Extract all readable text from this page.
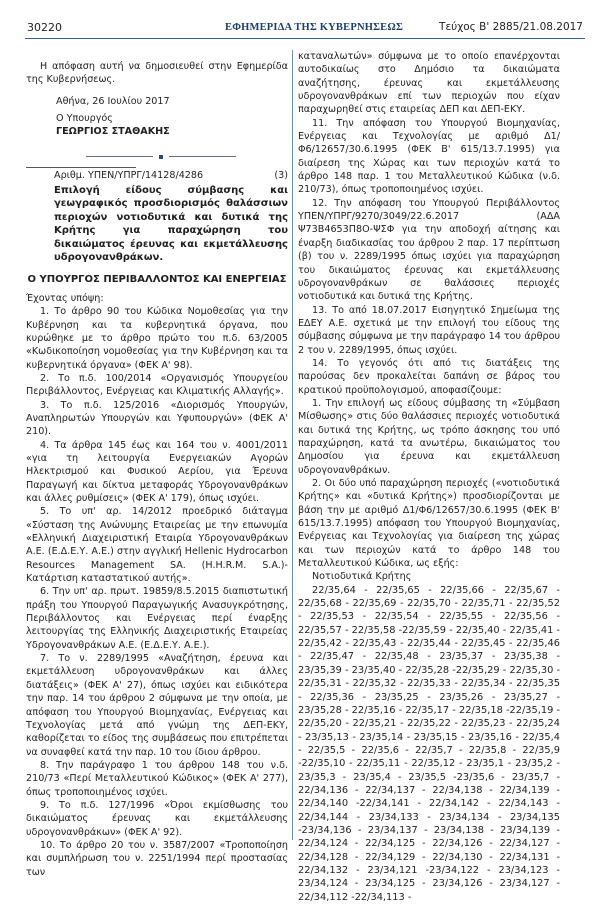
30220	ΕΦΗΜΕΡΙΔΑ ΤΗΣ ΚΥΒΕΡΝΗΣΕΩΣ	Τεύχος Β' 2885/21.08.2017

Η απόφαση αυτή να δημοσιευθεί στην Εφημερίδα της Κυβερνήσεως.

Αθήνα, 26 Ιουλίου 2017

Ο Υπουργός

ΓΕΩΡΓΙΟΣ ΣΤΑΘΑΚΗΣ

Αριθμ. ΥΠΕΝ/ΥΠΡΓ/14128/4286	(3)

Επιλογή είδους σύμβασης και γεωγραφικός προσδιορισμός θαλάσσιων περιοχών νοτιοδυτικά και δυτικά της Κρήτης για παραχώρηση του δικαιώματος έρευνας και εκμετάλλευσης υδρογονανθράκων.

Ο ΥΠΟΥΡΓΟΣ ΠΕΡΙΒΑΛΛΟΝΤΟΣ ΚΑΙ ΕΝΕΡΓΕΙΑΣ

Έχοντας υπόψη:

1. Το άρθρο 90 του Κώδικα Νομοθεσίας για την Κυβέρνηση και τα κυβερνητικά όργανα, που κυρώθηκε με το άρθρο πρώτο του π.δ. 63/2005 «Κωδικοποίηση νομοθεσίας για την Κυβέρνηση και τα κυβερνητικά όργανα» (ΦΕΚ Α' 98).

2. Το π.δ. 100/2014 «Οργανισμός Υπουργείου Περιβάλλοντος, Ενέργειας και Κλιματικής Αλλαγής».

3. Το π.δ. 125/2016 «Διορισμός Υπουργών, Αναπληρωτών Υπουργών και Υφυπουργών» (ΦΕΚ Α' 210).

4. Τα άρθρα 145 έως και 164 του ν. 4001/2011 «για τη λειτουργία Ενεργειακών Αγορών Ηλεκτρισμού και Φυσικού Αερίου, για Έρευνα Παραγωγή και δίκτυα μεταφοράς Υδρογονανθράκων και άλλες ρυθμίσεις» (ΦΕΚ Α' 179), όπως ισχύει.

5. Το υπ' αρ. 14/2012 προεδρικό διάταγμα «Σύσταση της Ανώνυμης Εταιρείας με την επωνυμία «Ελληνική Διαχειριστική Εταιρία Υδρογονανθράκων Α.Ε. (Ε.Δ.Ε.Υ. Α.Ε.) στην αγγλική Hellenic Hydrocarbon Resources Management SA. (H.H.R.M. S.A.)-Κατάρτιση καταστατικού αυτής».

6. Την υπ' αρ. πρωτ. 19859/8.5.2015 διαπιστωτική πράξη του Υπουργού Παραγωγικής Ανασυγκρότησης, Περιβάλλοντος και Ενέργειας περί έναρξης λειτουργίας της Ελληνικής Διαχειριστικής Εταιρείας Υδρογονανθράκων Α.Ε. (Ε.Δ.Ε.Υ. Α.Ε.).

7. Το ν. 2289/1995 «Αναζήτηση, έρευνα και εκμετάλλευση υδρογονανθράκων και άλλες διατάξεις» (ΦΕΚ Α' 27), όπως ισχύει και ειδικότερα την παρ. 14 του άρθρου 2 σύμφωνα με την οποία, με απόφαση του Υπουργού Βιομηχανίας, Ενέργειας και Τεχνολογίας μετά από γνώμη της ΔΕΠ-ΕΚΥ, καθορίζεται το είδος της συμβάσεως που επιτρέπεται να συναφθεί κατά την παρ. 10 του ίδιου άρθρου.

8. Την παράγραφο 1 του άρθρου 148 του ν.δ. 210/73 «Περί Μεταλλευτικού Κώδικος» (ΦΕΚ Α' 277), όπως τροποποιημένος ισχύει.

9. Το π.δ. 127/1996 «Όροι εκμίσθωσης του δικαιώματος έρευνας και εκμετάλλευσης υδρογονανθράκων» (ΦΕΚ Α' 92).

10. Το άρθρο 20 του ν. 3587/2007 «Τροποποίηση και συμπλήρωση του ν. 2251/1994 περί προστασίας των

καταναλωτών» σύμφωνα με το οποίο επανέρχονται αυτοδικαίως στο Δημόσιο τα δικαιώματα αναζήτησης, έρευνας και εκμετάλλευσης υδρογονανθράκων επί των περιοχών που είχαν παραχωρηθεί στις εταιρείας ΔΕΠ και ΔΕΠ-ΕΚΥ.

11. Την απόφαση του Υπουργού Βιομηχανίας, Ενέργειας και Τεχνολογίας με αριθμό Δ1/Φ6/12657/30.6.1995 (ΦΕΚ Β' 615/13.7.1995) για διαίρεση της Χώρας και των περιοχών κατά το άρθρο 148 παρ. 1 του Μεταλλευτικού Κώδικα (ν.δ. 210/73), όπως τροποποιημένος ισχύει.

12. Την απόφαση του Υπουργού Περιβάλλοντος ΥΠΕΝ/ΥΠΡΓ/9270/3049/22.6.2017 (ΑΔΑ Ψ73Β4653Π8Ο-ΨΣΦ για την αποδοχή αίτησης και έναρξη διαδικασίας του άρθρου 2 παρ. 17 περίπτωση (β) του ν. 2289/1995 όπως ισχύει για παραχώρηση του δικαιώματος έρευνας και εκμετάλλευσης υδρογονανθράκων σε θαλάσσιες περιοχές νοτιοδυτικά και δυτικά της Κρήτης.

13. Το από 18.07.2017 Εισηγητικό Σημείωμα της ΕΔΕΥ Α.Ε. σχετικά με την επιλογή του είδους της σύμβασης σύμφωνα με την παράγραφο 14 του άρθρου 2 του ν. 2289/1995, όπως ισχύει.

14. Το γεγονός ότι από τις διατάξεις της παρούσας δεν προκαλείται δαπάνη σε βάρος του κρατικού προϋπολογισμού, αποφασίζουμε:

1. Την επιλογή ως είδους σύμβασης τη «Σύμβαση Μίσθωσης» στις δύο θαλάσσιες περιοχές νοτιοδυτικά και δυτικά της Κρήτης, ως τρόπο άσκησης του υπό παραχώρηση, κατά τα ανωτέρω, δικαιώματος του Δημοσίου για έρευνα και εκμετάλλευση υδρογονανθράκων.

2. Οι δύο υπό παραχώρηση περιοχές («νοτιοδυτικά Κρήτης» και «δυτικά Κρήτης») προσδιορίζονται με βάση την με αριθμό Δ1/Φ6/12657/30.6.1995 (ΦΕΚ Β' 615/13.7.1995) απόφαση του Υπουργού Βιομηχανίας, Ενέργειας και Τεχνολογίας για διαίρεση της χώρας και των περιοχών κατά το άρθρο 148 του Μεταλλευτικού Κώδικα, ως εξής:

Νοτιοδυτικά Κρήτης

22/35,64 - 22/35,65 - 22/35,66 - 22/35,67 - 22/35,68 - 22/35,69 - 22/35,70 - 22/35,71 - 22/35,52 - 22/35,53 - 22/35,54 - 22/35,55 - 22/35,56 - 22/35,57 - 22/35,58 -22/35,59 - 22/35,40 - 22/35,41 - 22/35,42 - 22/35,43 - 22/35,44 - 22/35,45 - 22/35,46 - 22/35,47 - 22/35,48 - 23/35,37 - 23/35,38 - 23/35,39 - 23/35,40 - 22/35,28 -22/35,29 - 22/35,30 - 22/35,31 - 22/35,32 - 22/35,33 - 22/35,34 - 22/35,35 - 22/35,36 - 23/35,25 - 23/35,26 - 23/35,27 - 23/35,28 - 22/35,16 - 22/35,17 - 22/35,18 -22/35,19 - 22/35,20 - 22/35,21 - 22/35,22 - 22/35,23 - 22/35,24 - 23/35,13 - 23/35,14 - 23/35,15 - 23/35,16 - 22/35,4 - 22/35,5 - 22/35,6 - 22/35,7 - 22/35,8 - 22/35,9 -22/35,10 - 22/35,11 - 22/35,12 - 23/35,1 - 23/35,2 - 23/35,3 - 23/35,4 - 23/35,5 -23/35,6 - 23/35,7 - 22/34,136 - 22/34,137 - 22/34,138 - 22/34,139 - 22/34,140 -22/34,141 - 22/34,142 - 22/34,143 - 22/34,144 - 23/34,133 - 23/34,134 - 23/34,135 -23/34,136 - 23/34,137 - 23/34,138 - 23/34,139 - 22/34,124 - 22/34,125 - 22/34,126 - 22/34,127 - 22/34,128 - 22/34,129 - 22/34,130 - 22/34,131 - 22/34,132 - 23/34,121 -23/34,122 - 23/34,123 - 23/34,124 - 23/34,125 - 23/34,126 - 23/34,127 - 22/34,112 -22/34,113 -
